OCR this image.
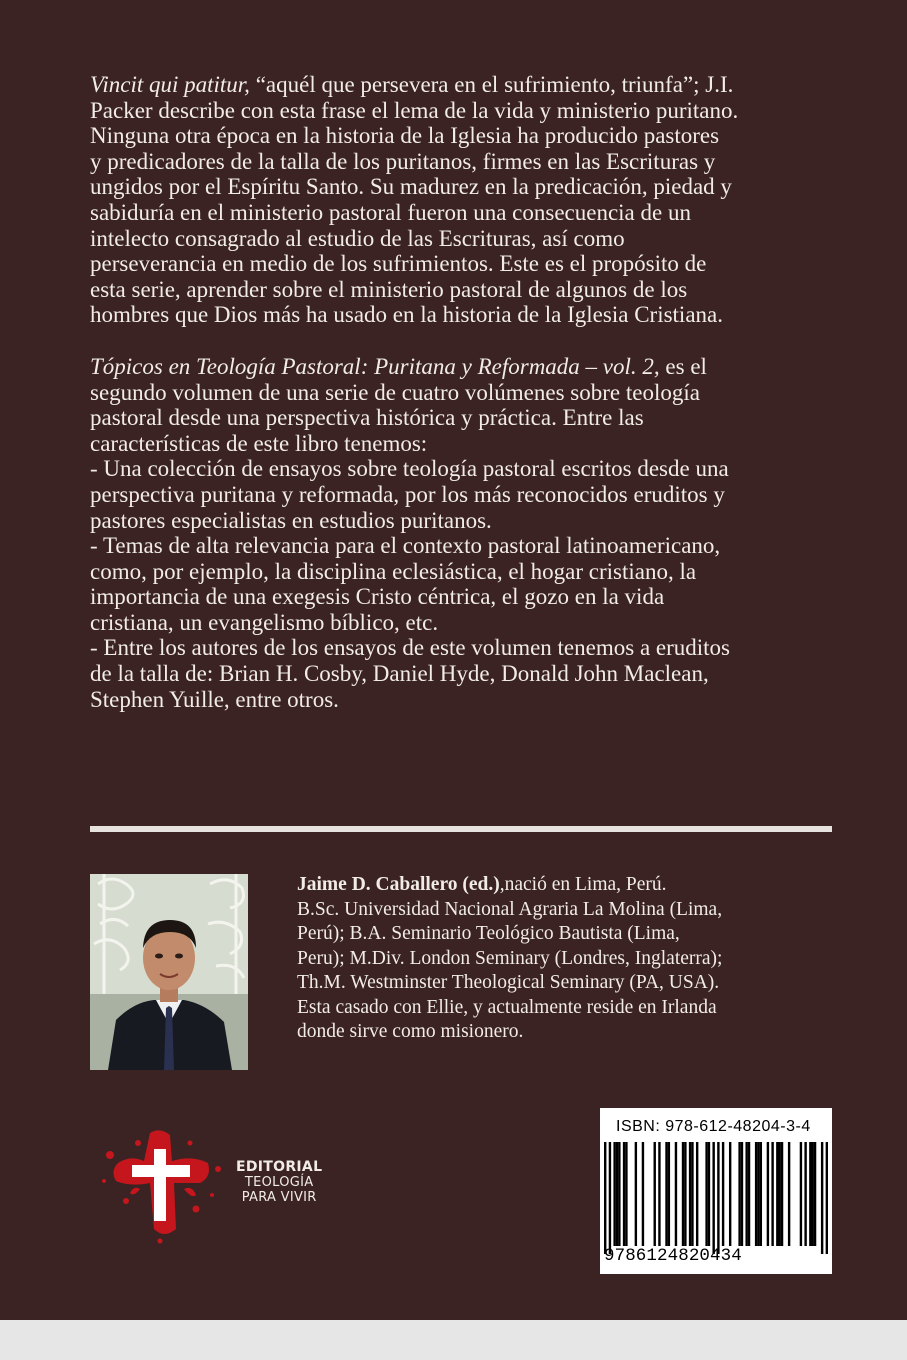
Vincit qui patitur, “aquél que persevera en el sufrimiento, triunfa”; J.I.
Packer describe con esta frase el lema de la vida y ministerio puritano.
Ninguna otra época en la historia de la Iglesia ha producido pastores
y predicadores de la talla de los puritanos, firmes en las Escrituras y
ungidos por el Espíritu Santo. Su madurez en la predicación, piedad y
sabiduría en el ministerio pastoral fueron una consecuencia de un
intelecto consagrado al estudio de las Escrituras, así como
perseverancia en medio de los sufrimientos. Este es el propósito de
esta serie, aprender sobre el ministerio pastoral de algunos de los
hombres que Dios más ha usado en la historia de la Iglesia Cristiana.

Tópicos en Teología Pastoral: Puritana y Reformada – vol. 2, es el
segundo volumen de una serie de cuatro volúmenes sobre teología
pastoral desde una perspectiva histórica y práctica. Entre las
características de este libro tenemos:
- Una colección de ensayos sobre teología pastoral escritos desde una
perspectiva puritana y reformada, por los más reconocidos eruditos y
pastores especialistas en estudios puritanos.
- Temas de alta relevancia para el contexto pastoral latinoamericano,
como, por ejemplo, la disciplina eclesiástica, el hogar cristiano, la
importancia de una exegesis Cristo céntrica, el gozo en la vida
cristiana, un evangelismo bíblico, etc.
- Entre los autores de los ensayos de este volumen tenemos a eruditos
de la talla de: Brian H. Cosby, Daniel Hyde, Donald John Maclean,
Stephen Yuille, entre otros.

Jaime D. Caballero (ed.),nació en Lima, Perú.
B.Sc. Universidad Nacional Agraria La Molina (Lima,
Perú); B.A. Seminario Teológico Bautista (Lima,
Peru); M.Div. London Seminary (Londres, Inglaterra);
Th.M. Westminster Theological Seminary (PA, USA).
Esta casado con Ellie, y actualmente reside en Irlanda
donde sirve como misionero.
EDITORIAL
TEOLOGÍA
PARA VIVIR
ISBN: 978-612-48204-3-4
9786124820434
